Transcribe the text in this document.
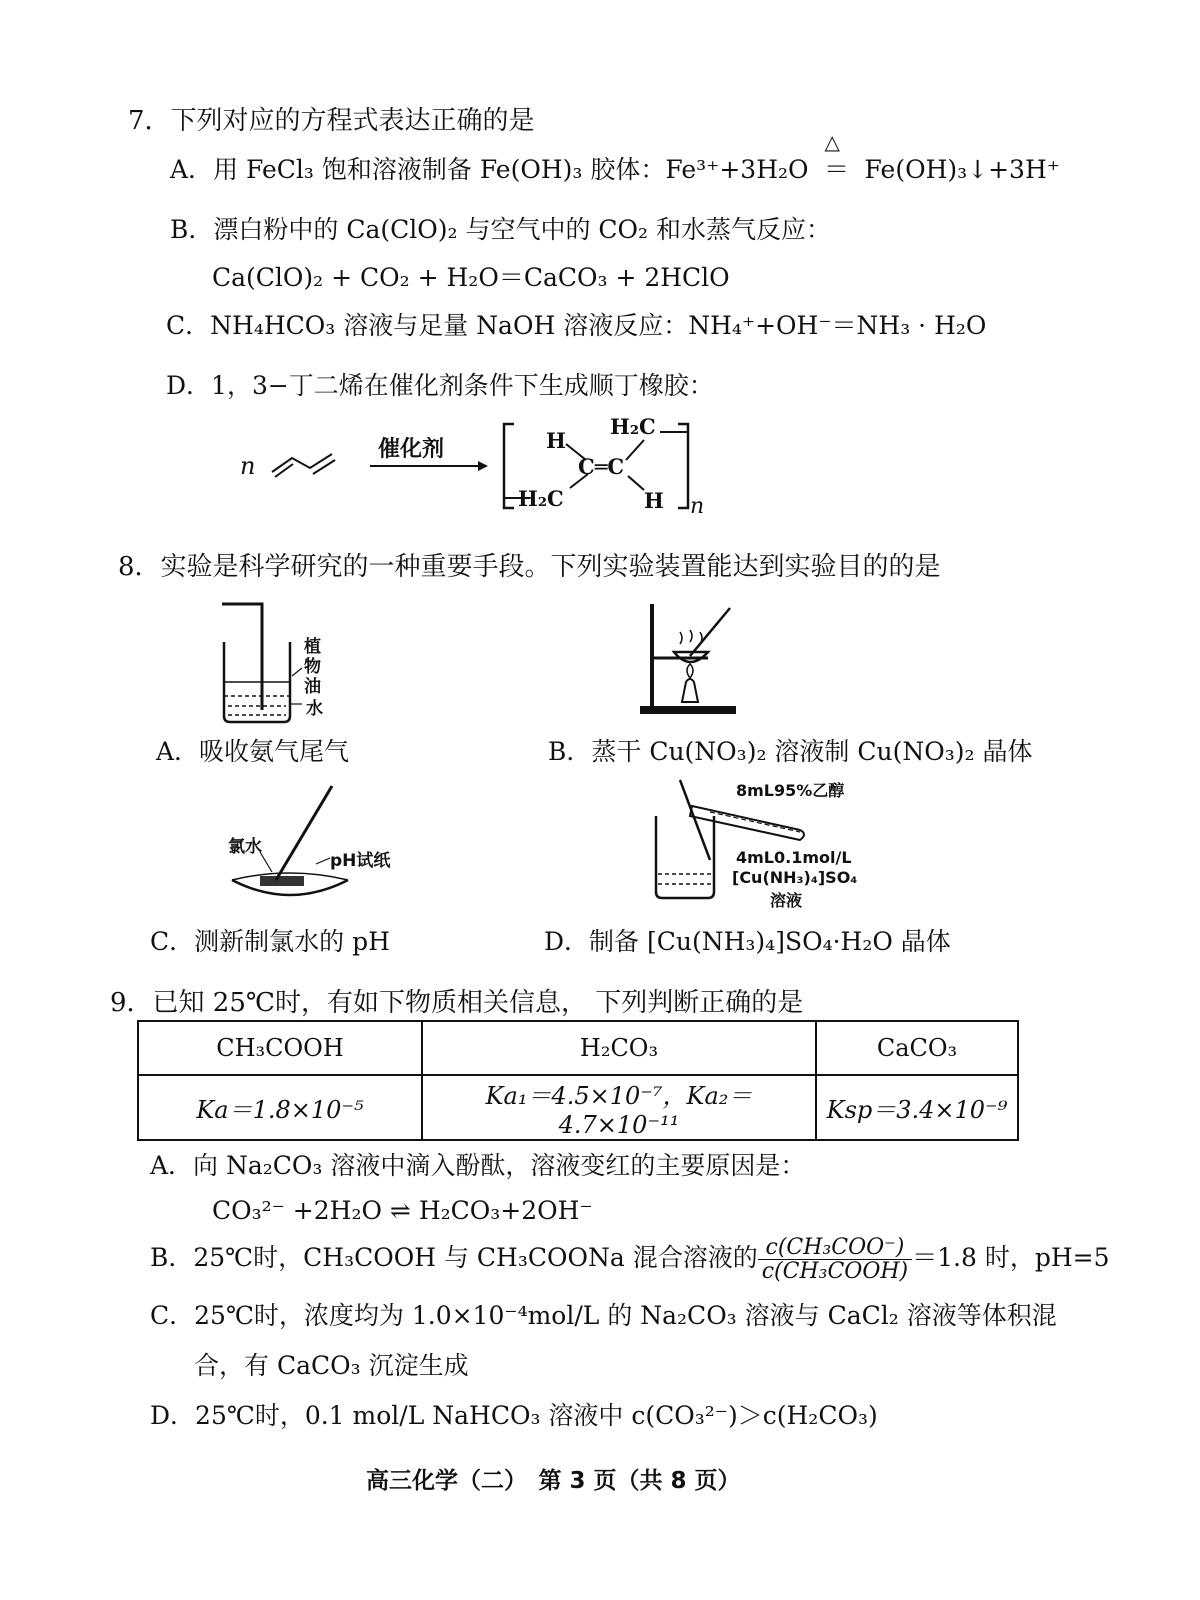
7．下列对应的方程式表达正确的是
A．用 FeCl₃ 饱和溶液制备 Fe(OH)₃ 胶体：Fe³⁺+3H₂O
△
＝ Fe(OH)₃↓+3H⁺
B．漂白粉中的 Ca(ClO)₂ 与空气中的 CO₂ 和水蒸气反应：
Ca(ClO)₂ + CO₂ + H₂O＝CaCO₃ + 2HClO
C．NH₄HCO₃ 溶液与足量 NaOH 溶液反应：NH₄⁺+OH⁻＝NH₃ · H₂O
D．1，3−丁二烯在催化剂条件下生成顺丁橡胶：
n
催化剂	H
H₂C
C═C
H₂C	H n
8．实验是科学研究的一种重要手段。下列实验装置能达到实验目的的是
植
物
油
水
A．吸收氨气尾气	B．蒸干 Cu(NO₃)₂ 溶液制 Cu(NO₃)₂ 晶体
氯水
pH试纸
8mL95%乙醇
4mL0.1mol/L
[Cu(NH₃)₄]SO₄
溶液
C．测新制氯水的 pH	D．制备 [Cu(NH₃)₄]SO₄·H₂O 晶体
9．已知 25℃时，有如下物质相关信息， 下列判断正确的是
CH₃COOH	H₂CO₃	CaCO₃
Ka＝1.8×10⁻⁵	Ka₁＝4.5×10⁻⁷，Ka₂＝4.7×10⁻¹¹	Ksp＝3.4×10⁻⁹
A．向 Na₂CO₃ 溶液中滴入酚酞，溶液变红的主要原因是：
CO₃²⁻ +2H₂O ⇌ H₂CO₃+2OH⁻
B．25℃时，CH₃COOH 与 CH₃COONa 混合溶液的 $\frac{\text{c(CH₃COO⁻)}}{\text{c(CH₃COOH)}} =1.8$ 时，pH=5
C．25℃时，浓度均为 1.0×10⁻⁴mol/L 的 Na₂CO₃ 溶液与 CaCl₂ 溶液等体积混
合，有 CaCO₃ 沉淀生成
D．25℃时，0.1 mol/L NaHCO₃ 溶液中 c(CO₃²⁻)＞c(H₂CO₃)
高三化学（二）　第 3 页（共 8 页）
